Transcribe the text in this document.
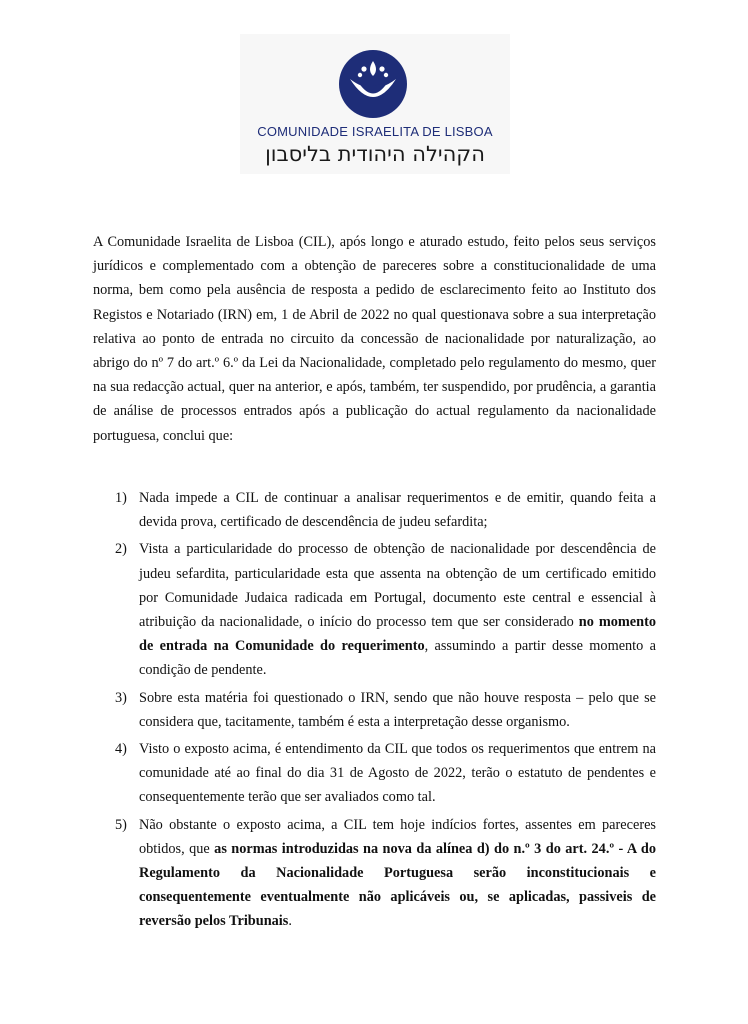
COMUNIDADE ISRAELITA DE LISBOA
הקהילה היהודית בליסבון

A Comunidade Israelita de Lisboa (CIL), após longo e aturado estudo, feito pelos seus serviços jurídicos e complementado com a obtenção de pareceres sobre a constitucionalidade de uma norma, bem como pela ausência de resposta a pedido de esclarecimento feito ao Instituto dos Registos e Notariado (IRN) em, 1 de Abril de 2022 no qual questionava sobre a sua interpretação relativa ao ponto de entrada no circuito da concessão de nacionalidade por naturalização, ao abrigo do nº 7 do art.º 6.º da Lei da Nacionalidade, completado pelo regulamento do mesmo, quer na sua redacção actual, quer na anterior, e após, também, ter suspendido, por prudência, a garantia de análise de processos entrados após a publicação do actual regulamento da nacionalidade portuguesa, conclui que:

1) Nada impede a CIL de continuar a analisar requerimentos e de emitir, quando feita a devida prova, certificado de descendência de judeu sefardita;
2) Vista a particularidade do processo de obtenção de nacionalidade por descendência de judeu sefardita, particularidade esta que assenta na obtenção de um certificado emitido por Comunidade Judaica radicada em Portugal, documento este central e essencial à atribuição da nacionalidade, o início do processo tem que ser considerado no momento de entrada na Comunidade do requerimento, assumindo a partir desse momento a condição de pendente.
3) Sobre esta matéria foi questionado o IRN, sendo que não houve resposta – pelo que se considera que, tacitamente, também é esta a interpretação desse organismo.
4) Visto o exposto acima, é entendimento da CIL que todos os requerimentos que entrem na comunidade até ao final do dia 31 de Agosto de 2022, terão o estatuto de pendentes e consequentemente terão que ser avaliados como tal.
5) Não obstante o exposto acima, a CIL tem hoje indícios fortes, assentes em pareceres obtidos, que as normas introduzidas na nova da alínea d) do n.º 3 do art. 24.º - A do Regulamento da Nacionalidade Portuguesa serão inconstitucionais e consequentemente eventualmente não aplicáveis ou, se aplicadas, passiveis de reversão pelos Tribunais.
